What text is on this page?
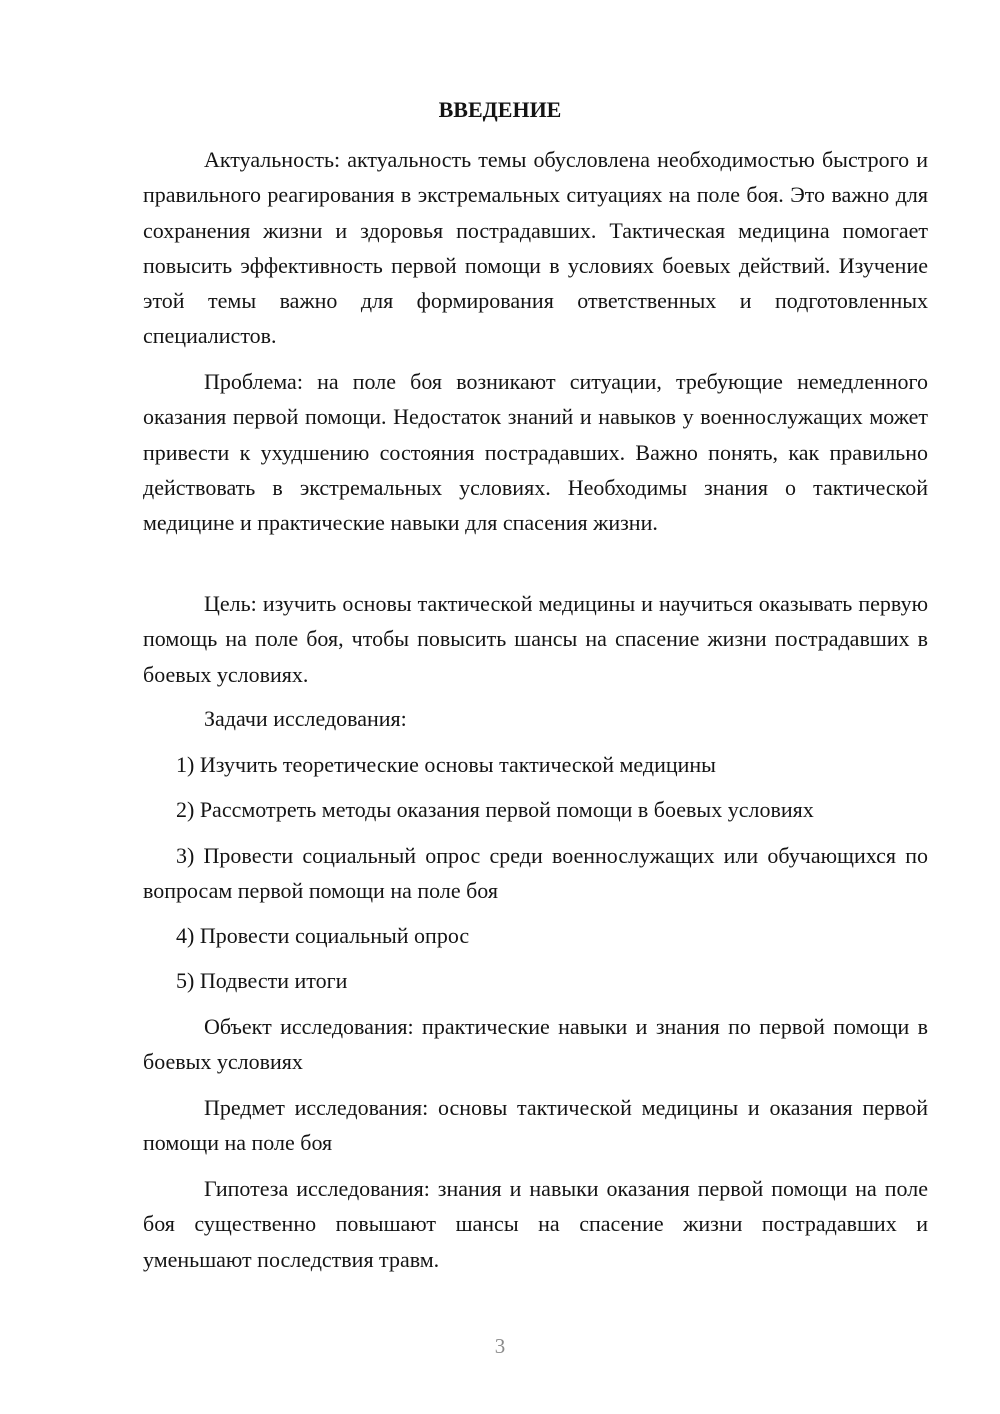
ВВЕДЕНИЕ

Актуальность: актуальность темы обусловлена необходимостью быстрого и правильного реагирования в экстремальных ситуациях на поле боя. Это важно для сохранения жизни и здоровья пострадавших. Тактическая медицина помогает повысить эффективность первой помощи в условиях боевых действий. Изучение этой темы важно для формирования ответственных и подготовленных специалистов.

Проблема: на поле боя возникают ситуации, требующие немедленного оказания первой помощи. Недостаток знаний и навыков у военнослужащих может привести к ухудшению состояния пострадавших. Важно понять, как правильно действовать в экстремальных условиях. Необходимы знания о тактической медицине и практические навыки для спасения жизни.

Цель: изучить основы тактической медицины и научиться оказывать первую помощь на поле боя, чтобы повысить шансы на спасение жизни пострадавших в боевых условиях.

Задачи исследования:

1) Изучить теоретические основы тактической медицины

2) Рассмотреть методы оказания первой помощи в боевых условиях

3) Провести социальный опрос среди военнослужащих или обучающихся по вопросам первой помощи на поле боя

4) Провести социальный опрос

5) Подвести итоги

Объект исследования: практические навыки и знания по первой помощи в боевых условиях

Предмет исследования: основы тактической медицины и оказания первой помощи на поле боя

Гипотеза исследования: знания и навыки оказания первой помощи на поле боя существенно повышают шансы на спасение жизни пострадавших и уменьшают последствия травм.

3
